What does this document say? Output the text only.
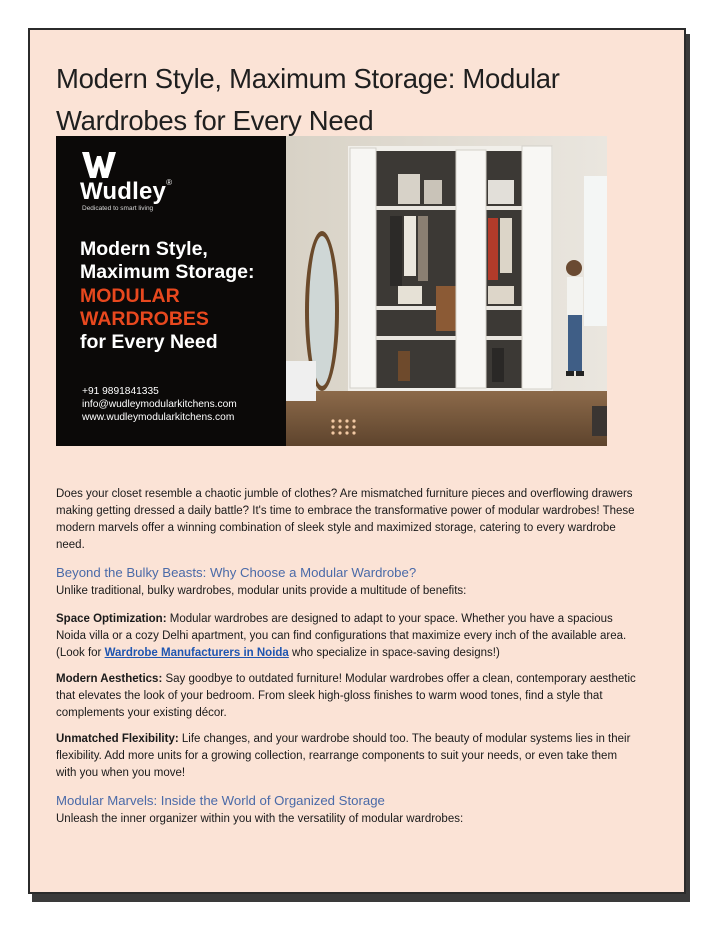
Modern Style, Maximum Storage: Modular
Wardrobes for Every Need
Wudley®
Dedicated to smart living
Modern Style,
Maximum Storage:
MODULAR
WARDROBES
for Every Need
+91 9891841335
info@wudleymodularkitchens.com
www.wudleymodularkitchens.com
Does your closet resemble a chaotic jumble of clothes? Are mismatched furniture pieces and overflowing drawers making getting dressed a daily battle? It's time to embrace the transformative power of modular wardrobes! These modern marvels offer a winning combination of sleek style and maximized storage, catering to every wardrobe need.
Beyond the Bulky Beasts: Why Choose a Modular Wardrobe?
Unlike traditional, bulky wardrobes, modular units provide a multitude of benefits:
Space Optimization: Modular wardrobes are designed to adapt to your space. Whether you have a spacious Noida villa or a cozy Delhi apartment, you can find configurations that maximize every inch of the available area. (Look for Wardrobe Manufacturers in Noida who specialize in space-saving designs!)
Modern Aesthetics: Say goodbye to outdated furniture! Modular wardrobes offer a clean, contemporary aesthetic that elevates the look of your bedroom. From sleek high-gloss finishes to warm wood tones, find a style that complements your existing décor.
Unmatched Flexibility: Life changes, and your wardrobe should too. The beauty of modular systems lies in their flexibility. Add more units for a growing collection, rearrange components to suit your needs, or even take them with you when you move!
Modular Marvels: Inside the World of Organized Storage
Unleash the inner organizer within you with the versatility of modular wardrobes:
